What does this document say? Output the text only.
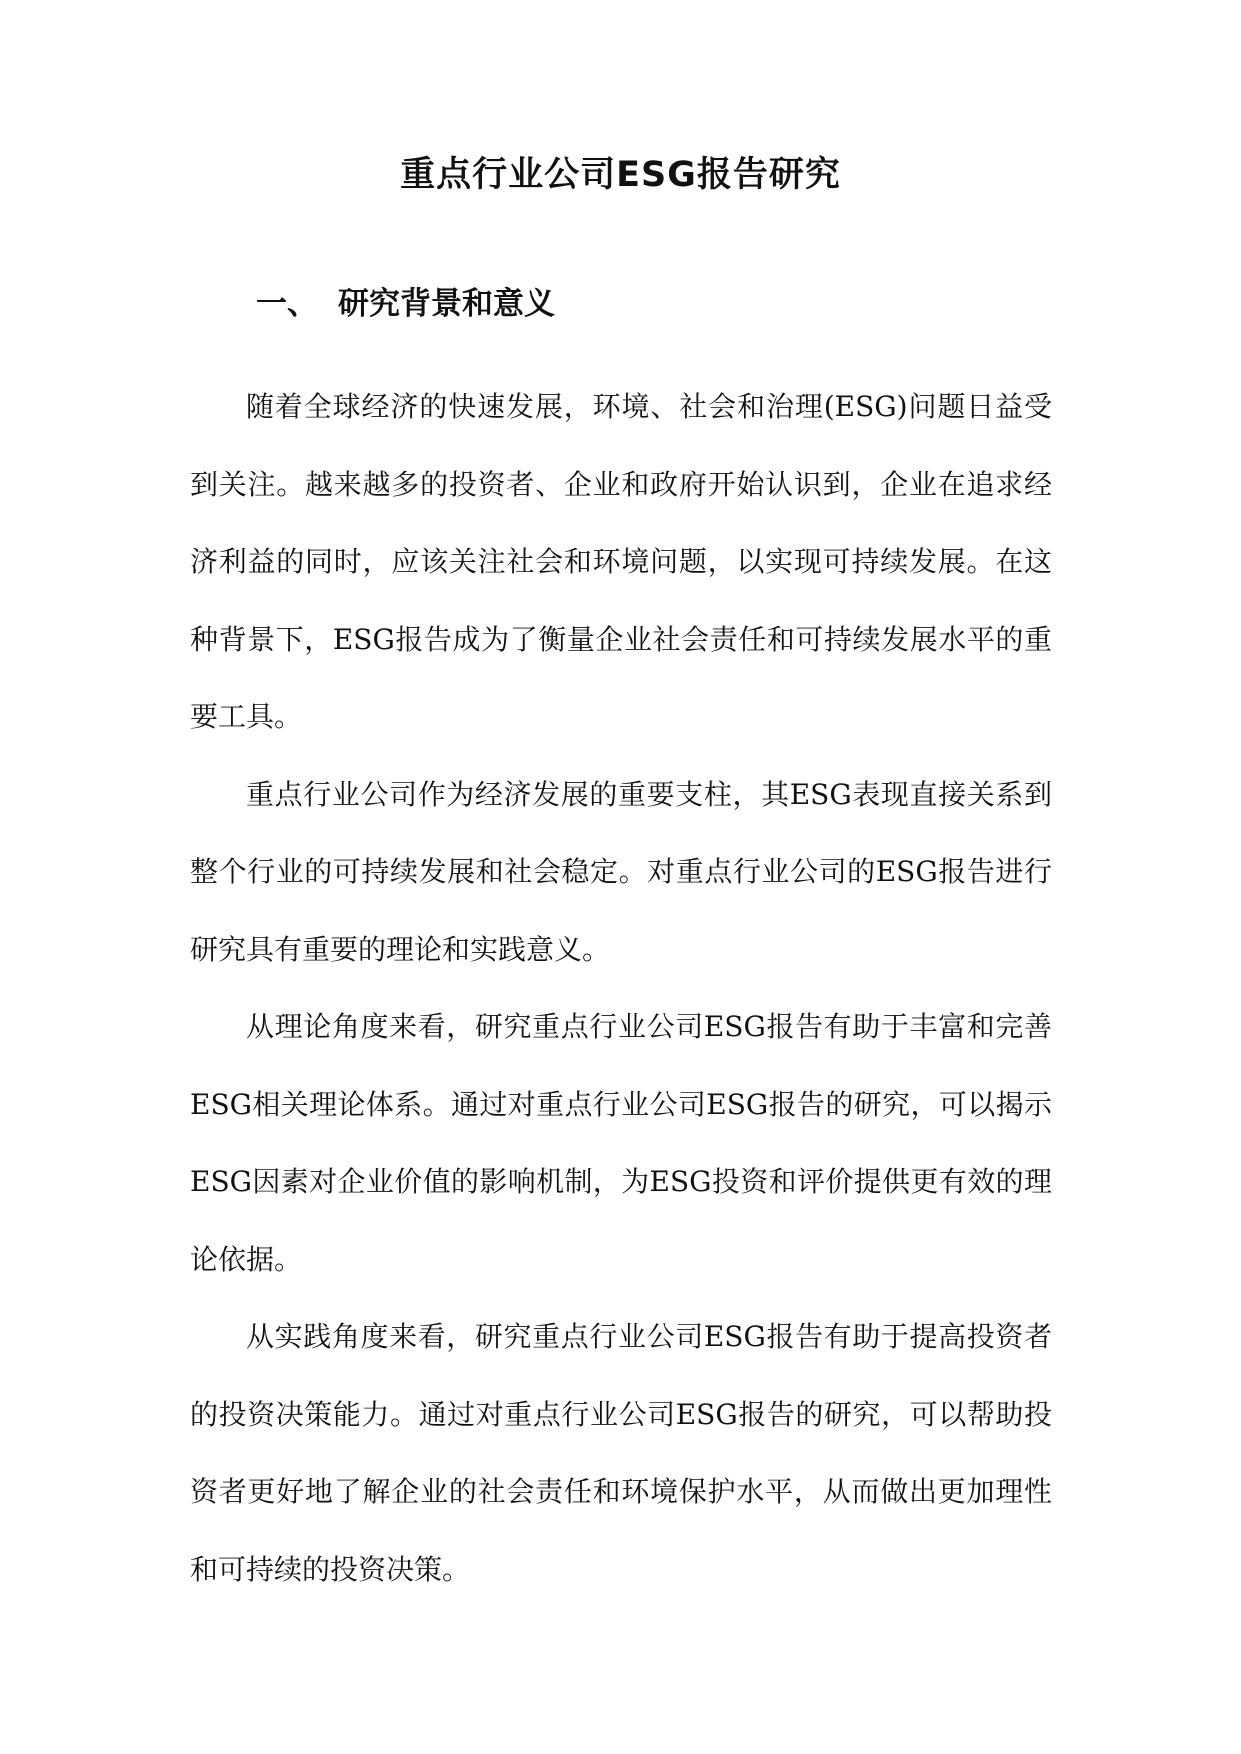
重点行业公司ESG报告研究
一、 研究背景和意义

随着全球经济的快速发展，环境、社会和治理(ESG)问题日益受到关注。越来越多的投资者、企业和政府开始认识到，企业在追求经济利益的同时，应该关注社会和环境问题，以实现可持续发展。在这种背景下，ESG报告成为了衡量企业社会责任和可持续发展水平的重要工具。

重点行业公司作为经济发展的重要支柱，其ESG表现直接关系到整个行业的可持续发展和社会稳定。对重点行业公司的ESG报告进行研究具有重要的理论和实践意义。

从理论角度来看，研究重点行业公司ESG报告有助于丰富和完善ESG相关理论体系。通过对重点行业公司ESG报告的研究，可以揭示ESG因素对企业价值的影响机制，为ESG投资和评价提供更有效的理论依据。

从实践角度来看，研究重点行业公司ESG报告有助于提高投资者的投资决策能力。通过对重点行业公司ESG报告的研究，可以帮助投资者更好地了解企业的社会责任和环境保护水平，从而做出更加理性和可持续的投资决策。
